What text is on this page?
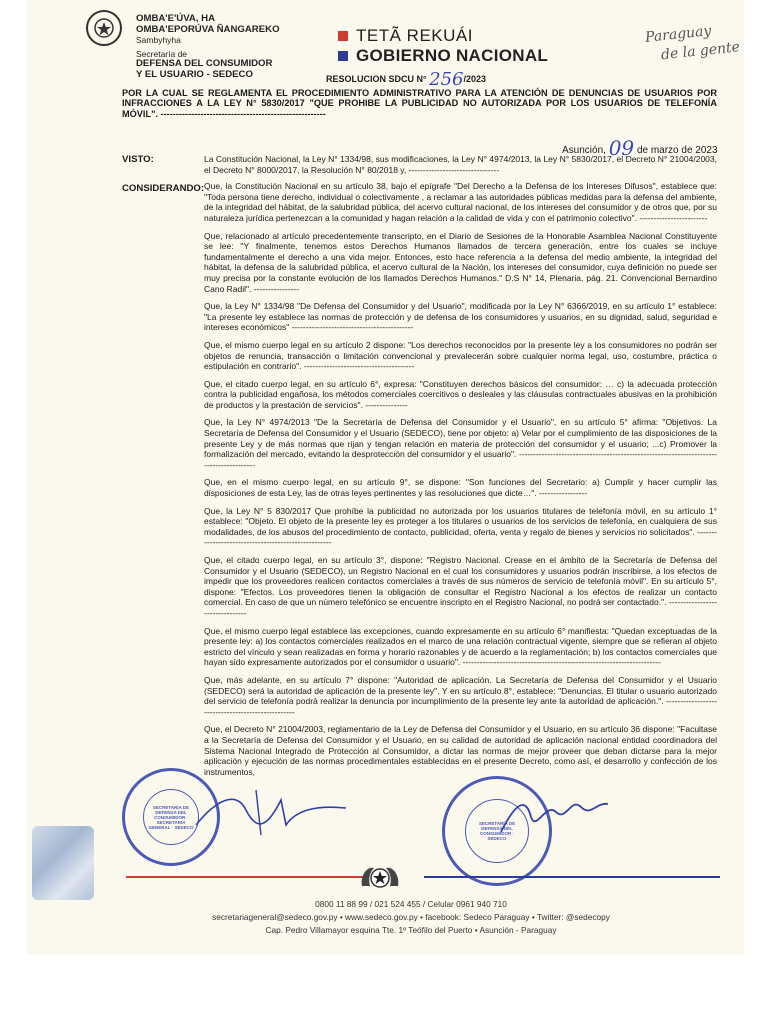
OMBA'E'ÚVA, HA
OMBA'EPORÚVA ÑANGAREKO
Sambyhyha
Secretaría de
DEFENSA DEL CONSUMIDOR
Y EL USUARIO - SEDECO
TETÃ REKUÁI
GOBIERNO NACIONAL
RESOLUCION SDCU N° 256/2023
Paraguay
de la gente
POR LA CUAL SE REGLAMENTA EL PROCEDIMIENTO ADMINISTRATIVO PARA LA ATENCIÓN DE DENUNCIAS DE USUARIOS POR INFRACCIONES A LA LEY N° 5830/2017 "QUE PROHIBE LA PUBLICIDAD NO AUTORIZADA POR LOS USUARIOS DE TELEFONÍA MÓVIL". ------------------------------------------------------
Asunción, 09 de marzo de 2023
VISTO:
CONSIDERANDO:

La Constitución Nacional, la Ley N° 1334/98, sus modificaciones, la Ley N° 4974/2013, la Ley N° 5830/2017, el Decreto N° 21004/2003, el Decreto N° 8000/2017, la Resolución N° 80/2018 y, --------------------------------

Que, la Constitución Nacional en su artículo 38, bajo el epígrafe "Del Derecho a la Defensa de los Intereses Difusos", establece que: "Toda persona tiene derecho, individual o colectivamente , a reclamar a las autoridades públicas medidas para la defensa del ambiente, de la integridad del hábitat, de la salubridad pública, del acervo cultural nacional, de los intereses del consumidor y de otros que, por su naturaleza jurídica pertenezcan a la comunidad y hagan relación a la calidad de vida y con el patrimonio colectivo". ------------------------

Que, relacionado al artículo precedentemente transcripto, en el Diario de Sesiones de la Honorable Asamblea Nacional Constituyente se lee: "Y finalmente, tenemos estos Derechos Humanos llamados de tercera generación, entre los cuales se incluye fundamentalmente el derecho a una vida mejor. Entonces, esto hace referencia a la defensa del medio ambiente, la integridad del hábitat, la defensa de la salubridad pública, el acervo cultural de la Nación, los intereses del consumidor, cuya definición no puede ser muy precisa por la constante evolución de los llamados Derechos Humanos." D.S N° 14, Plenaria, pág. 21. Convencional Bernardino Cano Radil". ----------------

Que, la Ley N° 1334/98 "De Defensa del Consumidor y del Usuario", modificada por la Ley N° 6366/2019, en su artículo 1° establece: "La presente ley establece las normas de protección y de defensa de los consumidores y usuarios, en su dignidad, salud, seguridad e intereses económicos" -------------------------------------------

Que, el mismo cuerpo legal en su artículo 2 dispone: "Los derechos reconocidos por la presente ley a los consumidores no podrán ser objetos de renuncia, transacción o limitación convencional y prevalecerán sobre cualquier norma legal, uso, costumbre, práctica o estipulación en contrario". ---------------------------------------

Que, el citado cuerpo legal, en su artículo 6°, expresa: "Constituyen derechos básicos del consumidor: … c) la adecuada protección contra la publicidad engañosa, los métodos comerciales coercitivos o desleales y las cláusulas contractuales abusivas en la prohibición de productos y la prestación de servicios". ---------------

Que, la Ley N° 4974/2013 "De la Secretaría de Defensa del Consumidor y el Usuario", en su artículo 5° afirma: "Objetivos. La Secretaría de Defensa del Consumidor y el Usuario (SEDECO), tiene por objeto: a) Velar por el cumplimiento de las disposiciones de la presente Ley y de más normas que rijan y tengan relación en materia de protección del consumidor y el usuario; ...c) Promover la formalización del mercado, evitando la desprotección del consumidor y el usuario". ----------------------------------------------------------------------------------------

Que, en el mismo cuerpo legal, en su artículo 9°, se dispone: "Son funciones del Secretario: a) Cumplir y hacer cumplir las disposiciones de esta Ley, las de otras leyes pertinentes y las resoluciones que dicte…". -----------------

Que, la Ley N° 5 830/2017 Que prohíbe la publicidad no autorizada por los usuarios titulares de telefonía móvil, en su artículo 1° establece: "Objeto. El objeto de la presente ley es proteger a los titulares o usuarios de los servicios de telefonía, en cualquiera de sus modalidades, de los abusos del procedimiento de contacto, publicidad, oferta, venta y regalo de bienes y servicios no solicitados". ----------------------------------------------------

Que, el citado cuerpo legal, en su artículo 3°, dispone: "Registro Nacional. Crease en el ámbito de la Secretaría de Defensa del Consumidor y el Usuario (SEDECO), un Registro Nacional en el cual los consumidores y usuarios podrán inscribirse, a los efectos de impedir que los proveedores realicen contactos comerciales a través de sus números de servicio de telefonía móvil". En su artículo 5°, dispone: "Efectos. Los proveedores tienen la obligación de consultar el Registro Nacional a los efectos de realizar un contacto comercial. En caso de que un número telefónico se encuentre inscripto en el Registro Nacional, no podrá ser contactado.". --------------------------------

Que, el mismo cuerpo legal establece las excepciones, cuando expresamente en su artículo 6° manifiesta: "Quedan exceptuadas de la presente ley: a) los contactos comerciales realizados en el marco de una relación contractual vigente, siempre que se refieran al objeto estricto del vínculo y sean realizadas en forma y horario razonables y de acuerdo a la reglamentación; b) los contactos comerciales que hayan sido expresamente autorizados por el consumidor o usuario". ----------------------------------------------------------------------

Que, más adelante, en su artículo 7° dispone: "Autoridad de aplicación. La Secretaría de Defensa del Consumidor y el Usuario (SEDECO) será la autoridad de aplicación de la presente ley". Y en su artículo 8°, establece: "Denuncias. El titular o usuario autorizado del servicio de telefonía podrá realizar la denuncia por incumplimiento de la presente ley ante la autoridad de aplicación.". --------------------------------------------------

Que, el Decreto N° 21004/2003, reglamentario de la Ley de Defensa del Consumidor y el Usuario, en su artículo 36 dispone: "Facultase a la Secretaría de Defensa del Consumidor y el Usuario, en su calidad de autoridad de aplicación nacional entidad coordinadora del Sistema Nacional Integrado de Protección al Consumidor, a dictar las normas de mejor proveer que deban dictarse para la mejor aplicación y ejecución de las normas procedimentales establecidas en el presente Decreto, como así, el desarrollo y confección de los instrumentos,

SECRETARÍA DE DEFENSA DEL CONSUMIDOR · SECRETARÍA GENERAL · SEDECO
SECRETARÍA DE DEFENSA DEL CONSUMIDOR · SEDECO
0800 11 88 99 / 021 524 455 / Celular 0961 940 710
secretariageneral@sedeco.gov.py • www.sedeco.gov.py • facebook: Sedeco Paraguay • Twitter: @sedecopy
Cap. Pedro Villamayor esquina Tte. 1º Teófilo del Puerto • Asunción - Paraguay
